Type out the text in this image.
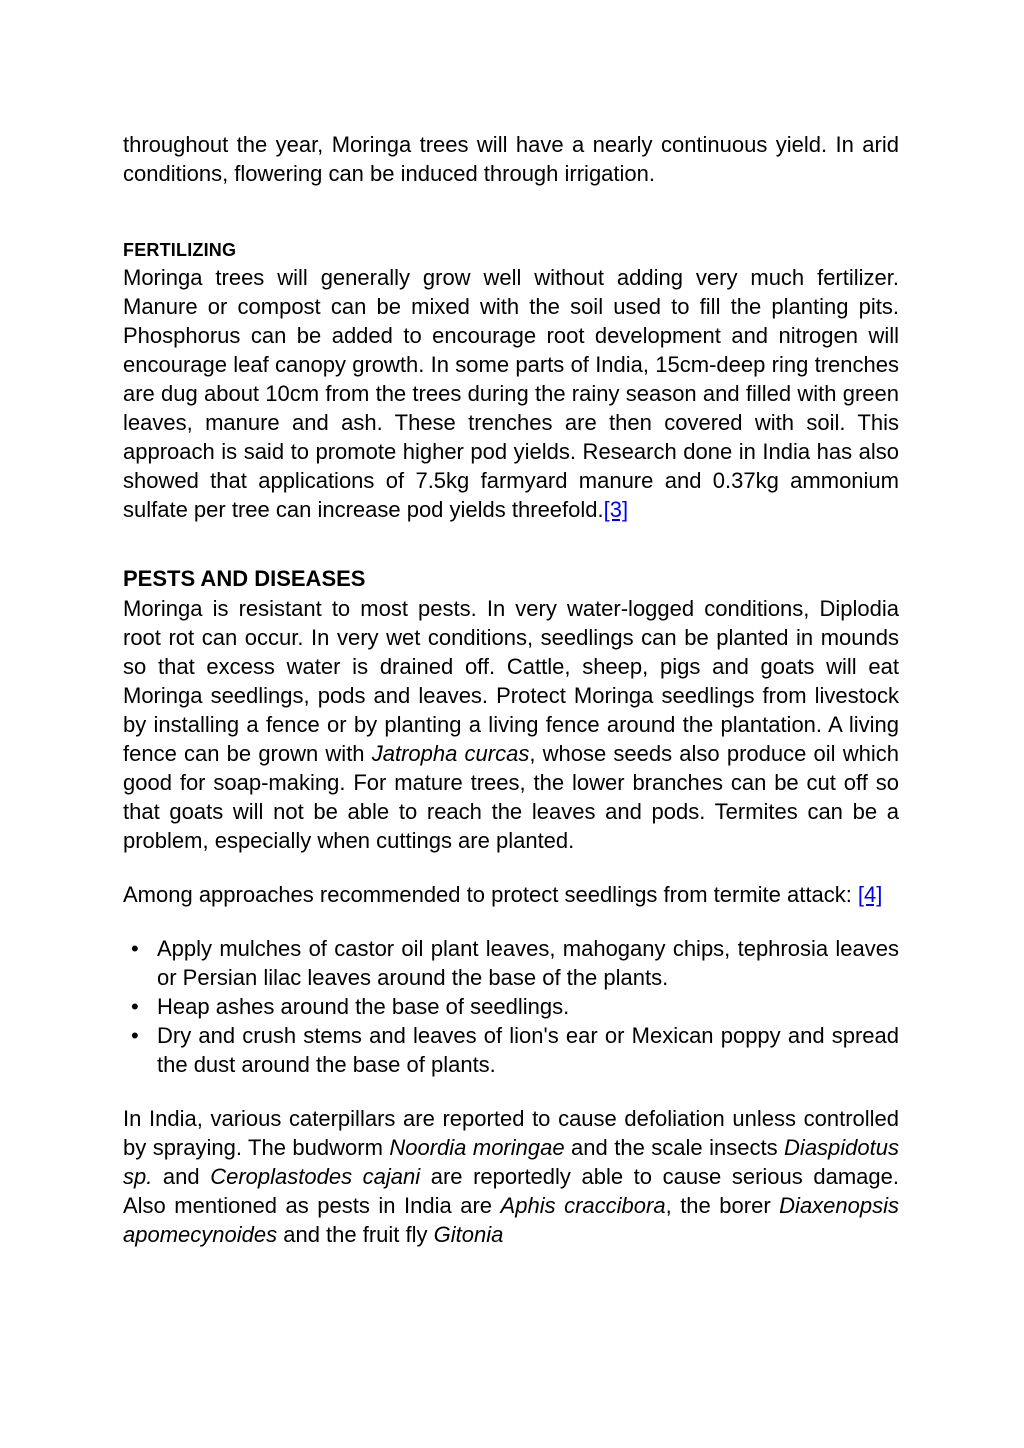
throughout the year, Moringa trees will have a nearly continuous yield. In arid conditions, flowering can be induced through irrigation.

FERTILIZING

Moringa trees will generally grow well without adding very much fertilizer. Manure or compost can be mixed with the soil used to fill the planting pits. Phosphorus can be added to encourage root development and nitrogen will encourage leaf canopy growth. In some parts of India, 15cm-deep ring trenches are dug about 10cm from the trees during the rainy season and filled with green leaves, manure and ash. These trenches are then covered with soil. This approach is said to promote higher pod yields. Research done in India has also showed that applications of 7.5kg farmyard manure and 0.37kg ammonium sulfate per tree can increase pod yields threefold.[3]

PESTS AND DISEASES

Moringa is resistant to most pests. In very water-logged conditions, Diplodia root rot can occur. In very wet conditions, seedlings can be planted in mounds so that excess water is drained off. Cattle, sheep, pigs and goats will eat Moringa seedlings, pods and leaves. Protect Moringa seedlings from livestock by installing a fence or by planting a living fence around the plantation. A living fence can be grown with Jatropha curcas, whose seeds also produce oil which good for soap-making. For mature trees, the lower branches can be cut off so that goats will not be able to reach the leaves and pods. Termites can be a problem, especially when cuttings are planted.

Among approaches recommended to protect seedlings from termite attack: [4]

• Apply mulches of castor oil plant leaves, mahogany chips, tephrosia leaves or Persian lilac leaves around the base of the plants.
• Heap ashes around the base of seedlings.
• Dry and crush stems and leaves of lion's ear or Mexican poppy and spread the dust around the base of plants.

In India, various caterpillars are reported to cause defoliation unless controlled by spraying. The budworm Noordia moringae and the scale insects Diaspidotus sp. and Ceroplastodes cajani are reportedly able to cause serious damage. Also mentioned as pests in India are Aphis craccibora, the borer Diaxenopsis apomecynoides and the fruit fly Gitonia
